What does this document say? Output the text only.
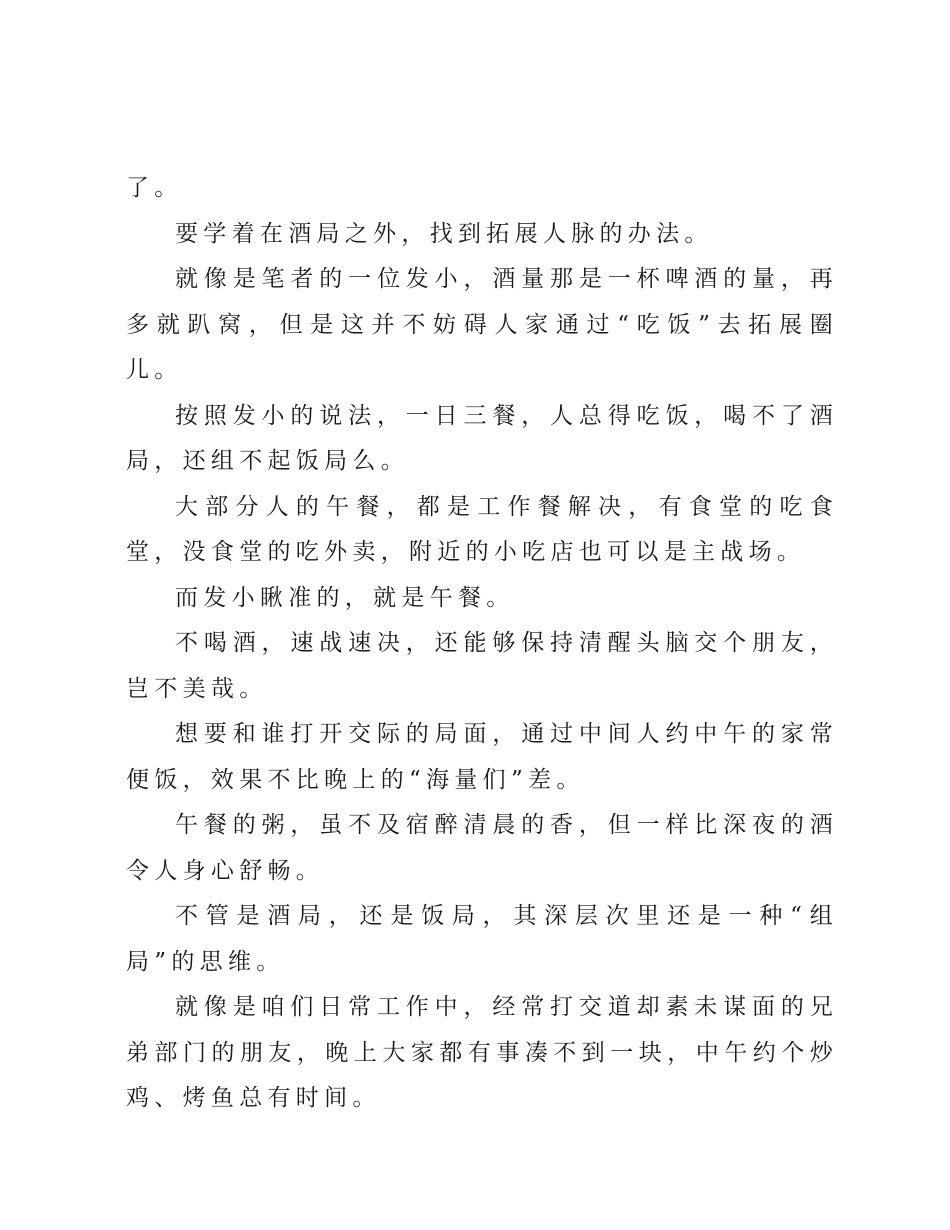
了。

要学着在酒局之外，找到拓展人脉的办法。

就像是笔者的一位发小，酒量那是一杯啤酒的量，再多就趴窝，但是这并不妨碍人家通过“吃饭”去拓展圈儿。

按照发小的说法，一日三餐，人总得吃饭，喝不了酒局，还组不起饭局么。

大部分人的午餐，都是工作餐解决，有食堂的吃食堂，没食堂的吃外卖，附近的小吃店也可以是主战场。

而发小瞅准的，就是午餐。

不喝酒，速战速决，还能够保持清醒头脑交个朋友，岂不美哉。

想要和谁打开交际的局面，通过中间人约中午的家常便饭，效果不比晚上的“海量们”差。

午餐的粥，虽不及宿醉清晨的香，但一样比深夜的酒令人身心舒畅。

不管是酒局，还是饭局，其深层次里还是一种“组局”的思维。

就像是咱们日常工作中，经常打交道却素未谋面的兄弟部门的朋友，晚上大家都有事凑不到一块，中午约个炒鸡、烤鱼总有时间。
